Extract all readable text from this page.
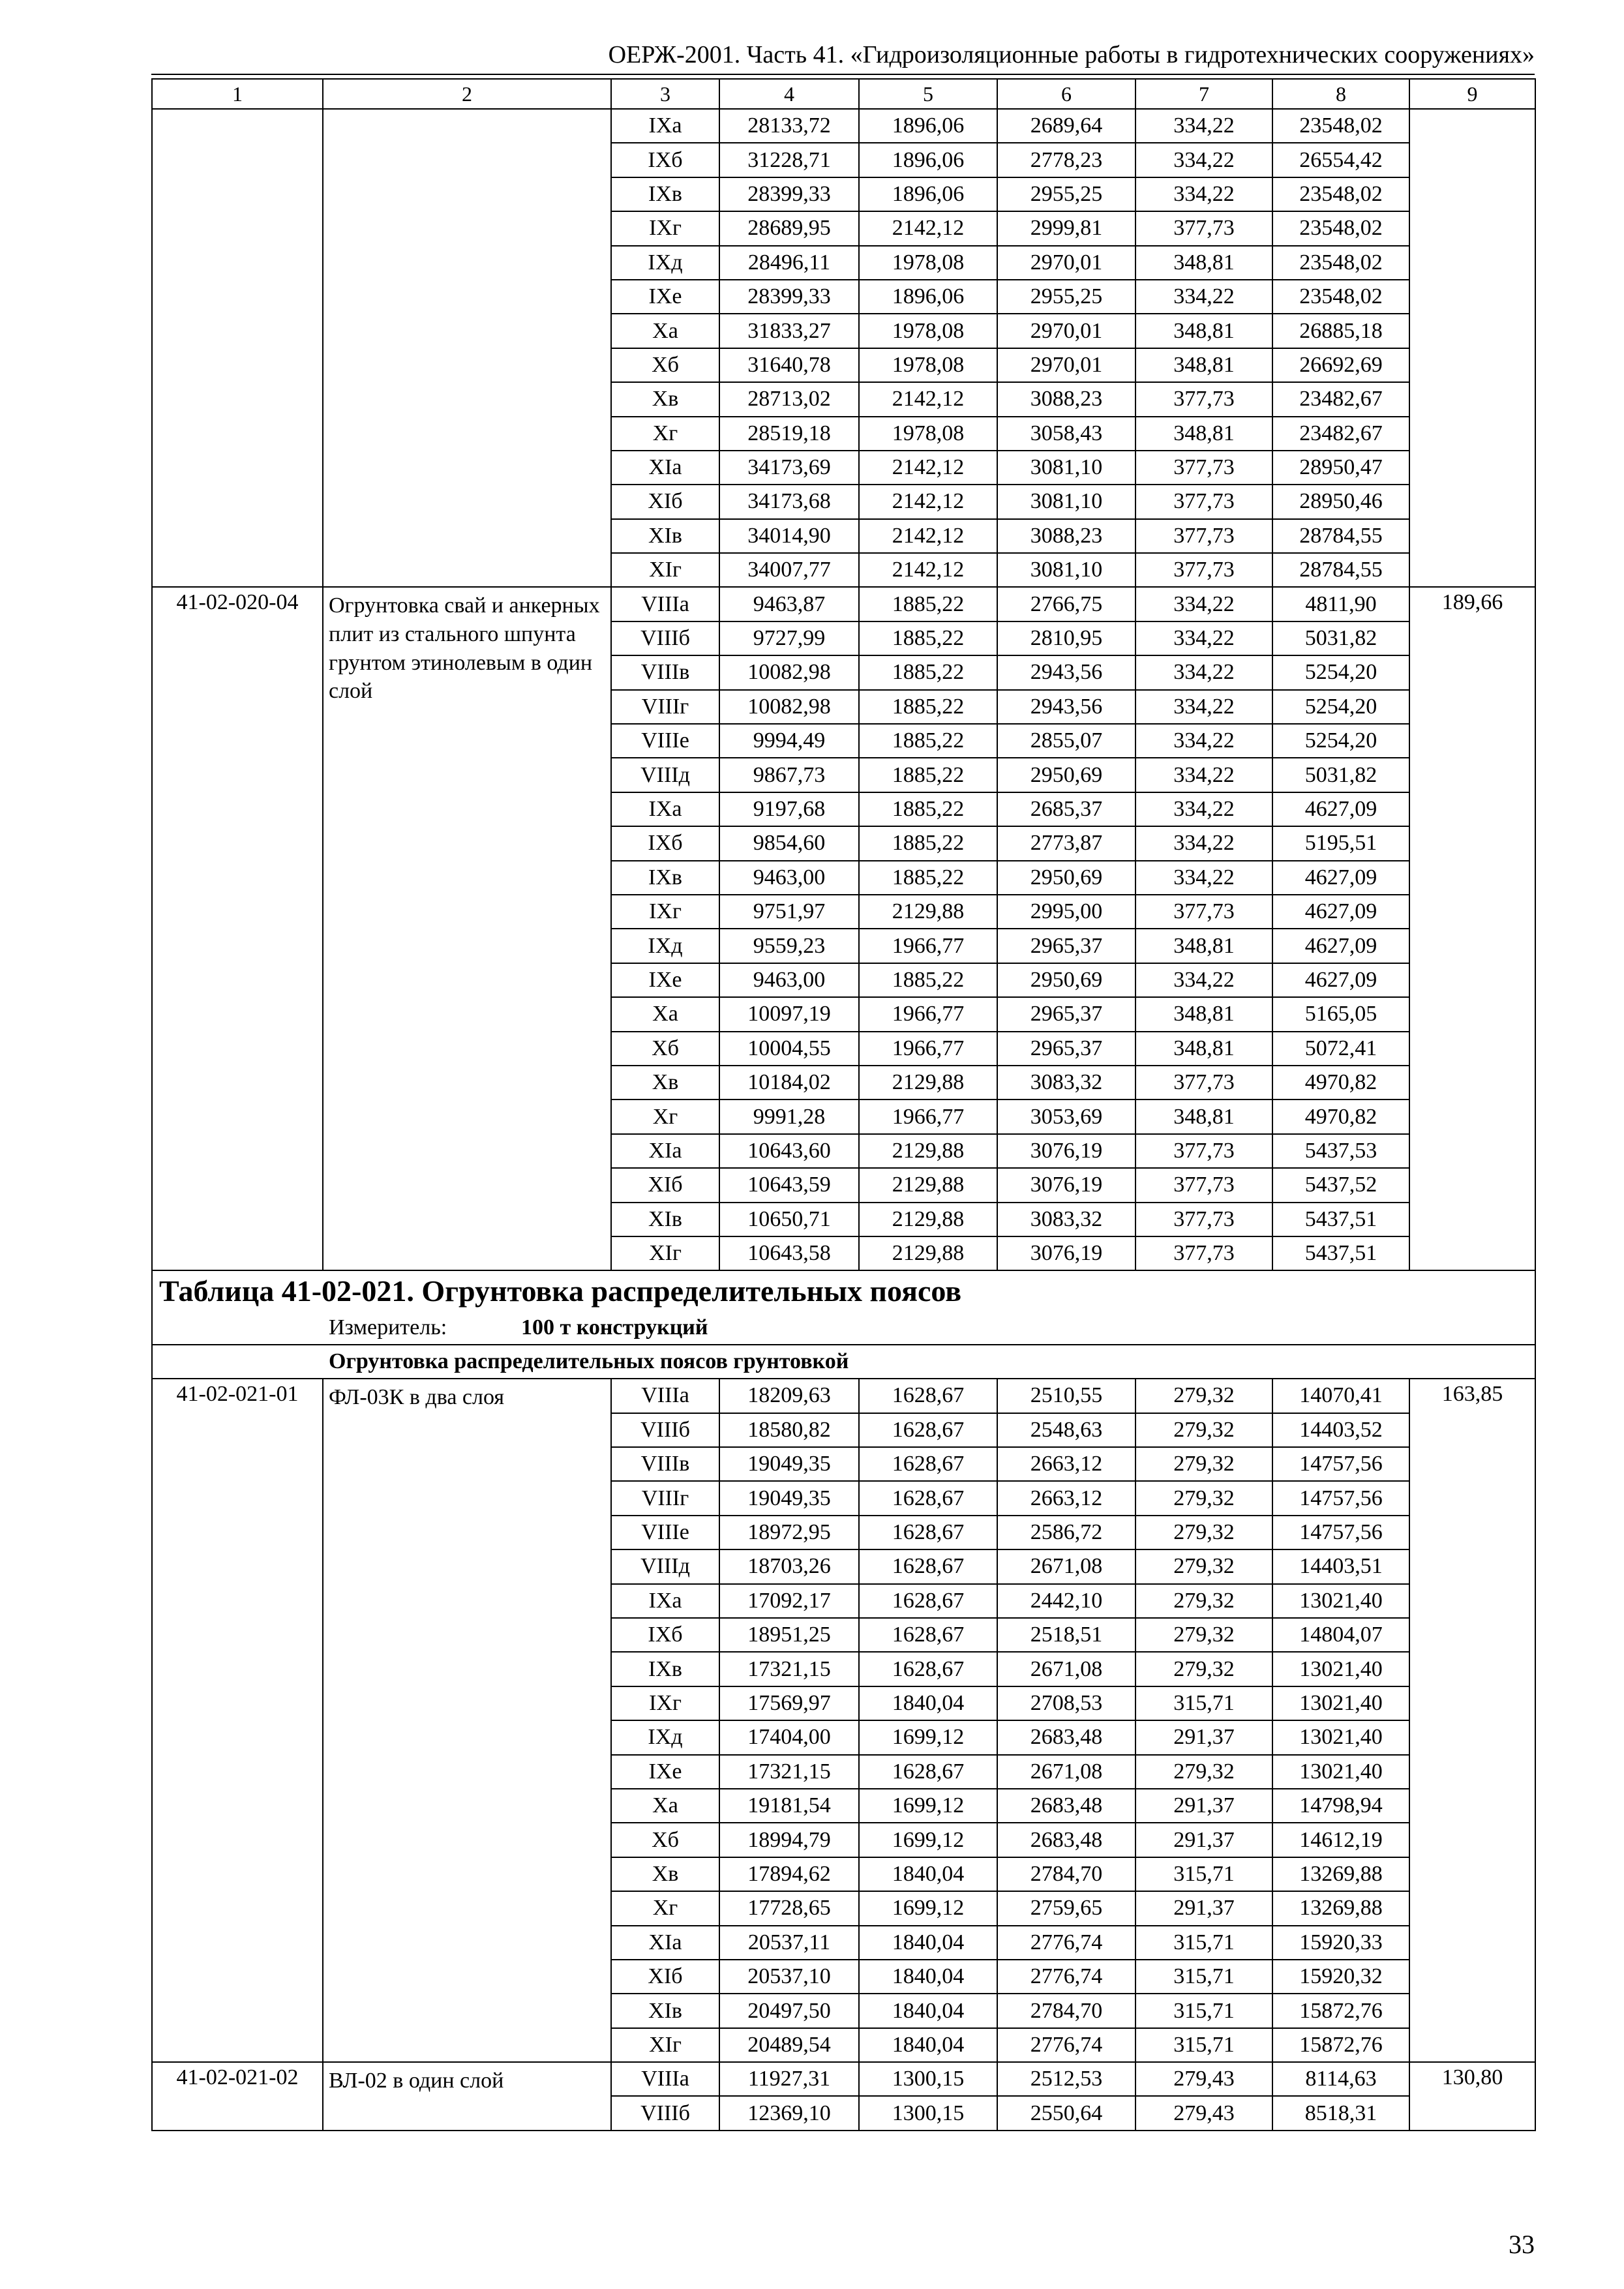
ОЕРЖ-2001. Часть 41. «Гидроизоляционные работы в гидротехнических сооружениях»
1	2	3	4	5	6	7	8	9
		IXа	28133,72	1896,06	2689,64	334,22	23548,02	
		IXб	31228,71	1896,06	2778,23	334,22	26554,42	
		IXв	28399,33	1896,06	2955,25	334,22	23548,02	
		IXг	28689,95	2142,12	2999,81	377,73	23548,02	
		IXд	28496,11	1978,08	2970,01	348,81	23548,02	
		IXе	28399,33	1896,06	2955,25	334,22	23548,02	
		Xа	31833,27	1978,08	2970,01	348,81	26885,18	
		Xб	31640,78	1978,08	2970,01	348,81	26692,69	
		Xв	28713,02	2142,12	3088,23	377,73	23482,67	
		Xг	28519,18	1978,08	3058,43	348,81	23482,67	
		XIа	34173,69	2142,12	3081,10	377,73	28950,47	
		XIб	34173,68	2142,12	3081,10	377,73	28950,46	
		XIв	34014,90	2142,12	3088,23	377,73	28784,55	
		XIг	34007,77	2142,12	3081,10	377,73	28784,55	
41-02-020-04	Огрунтовка свай и анкерных плит из стального шпунта грунтом этинолевым в один слой	VIIIа	9463,87	1885,22	2766,75	334,22	4811,90	189,66
		VIIIб	9727,99	1885,22	2810,95	334,22	5031,82	
		VIIIв	10082,98	1885,22	2943,56	334,22	5254,20	
		VIIIг	10082,98	1885,22	2943,56	334,22	5254,20	
		VIIIе	9994,49	1885,22	2855,07	334,22	5254,20	
		VIIIд	9867,73	1885,22	2950,69	334,22	5031,82	
		IXа	9197,68	1885,22	2685,37	334,22	4627,09	
		IXб	9854,60	1885,22	2773,87	334,22	5195,51	
		IXв	9463,00	1885,22	2950,69	334,22	4627,09	
		IXг	9751,97	2129,88	2995,00	377,73	4627,09	
		IXд	9559,23	1966,77	2965,37	348,81	4627,09	
		IXе	9463,00	1885,22	2950,69	334,22	4627,09	
		Xа	10097,19	1966,77	2965,37	348,81	5165,05	
		Xб	10004,55	1966,77	2965,37	348,81	5072,41	
		Xв	10184,02	2129,88	3083,32	377,73	4970,82	
		Xг	9991,28	1966,77	3053,69	348,81	4970,82	
		XIа	10643,60	2129,88	3076,19	377,73	5437,53	
		XIб	10643,59	2129,88	3076,19	377,73	5437,52	
		XIв	10650,71	2129,88	3083,32	377,73	5437,51	
		XIг	10643,58	2129,88	3076,19	377,73	5437,51	
Таблица 41-02-021. Огрунтовка распределительных поясов								
Измеритель: 100 т конструкций								
Огрунтовка распределительных поясов грунтовкой								
41-02-021-01	ФЛ-03К в два слоя	VIIIа	18209,63	1628,67	2510,55	279,32	14070,41	163,85
		VIIIб	18580,82	1628,67	2548,63	279,32	14403,52	
		VIIIв	19049,35	1628,67	2663,12	279,32	14757,56	
		VIIIг	19049,35	1628,67	2663,12	279,32	14757,56	
		VIIIе	18972,95	1628,67	2586,72	279,32	14757,56	
		VIIIд	18703,26	1628,67	2671,08	279,32	14403,51	
		IXа	17092,17	1628,67	2442,10	279,32	13021,40	
		IXб	18951,25	1628,67	2518,51	279,32	14804,07	
		IXв	17321,15	1628,67	2671,08	279,32	13021,40	
		IXг	17569,97	1840,04	2708,53	315,71	13021,40	
		IXд	17404,00	1699,12	2683,48	291,37	13021,40	
		IXе	17321,15	1628,67	2671,08	279,32	13021,40	
		Xа	19181,54	1699,12	2683,48	291,37	14798,94	
		Xб	18994,79	1699,12	2683,48	291,37	14612,19	
		Xв	17894,62	1840,04	2784,70	315,71	13269,88	
		Xг	17728,65	1699,12	2759,65	291,37	13269,88	
		XIа	20537,11	1840,04	2776,74	315,71	15920,33	
		XIб	20537,10	1840,04	2776,74	315,71	15920,32	
		XIв	20497,50	1840,04	2784,70	315,71	15872,76	
		XIг	20489,54	1840,04	2776,74	315,71	15872,76	
41-02-021-02	ВЛ-02 в один слой	VIIIа	11927,31	1300,15	2512,53	279,43	8114,63	130,80
		VIIIб	12369,10	1300,15	2550,64	279,43	8518,31	
33
